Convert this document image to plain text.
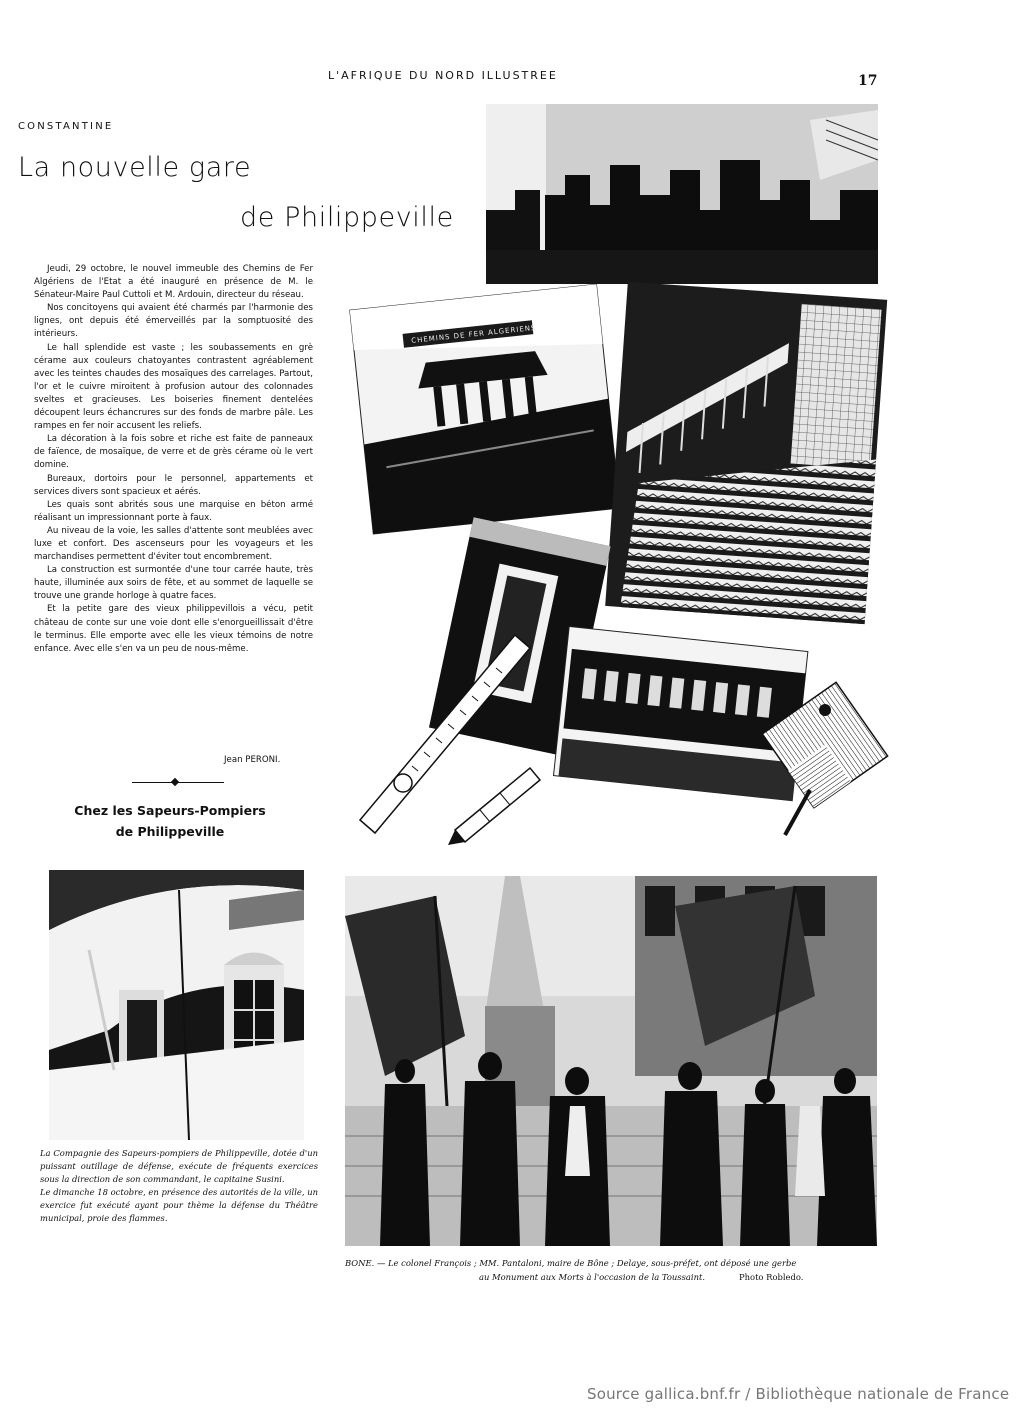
L'AFRIQUE DU NORD ILLUSTREE	17
CONSTANTINE
La nouvelle gare
de Philippeville

Jeudi, 29 octobre, le nouvel immeuble des Chemins de Fer Algériens de l'Etat a été inauguré en présence de M. le Sénateur-Maire Paul Cuttoli et M. Ardouin, directeur du réseau.

Nos concitoyens qui avaient été charmés par l'harmonie des lignes, ont depuis été émerveillés par la somptuosité des intérieurs.

Le hall splendide est vaste ; les soubassements en grè cérame aux couleurs chatoyantes contrastent agréablement avec les teintes chaudes des mosaïques des carrelages. Partout, l'or et le cuivre miroitent à profusion autour des colonnades sveltes et gracieuses. Les boiseries finement dentelées découpent leurs échancrures sur des fonds de marbre pâle. Les rampes en fer noir accusent les reliefs.

La décoration à la fois sobre et riche est faite de panneaux de faïence, de mosaïque, de verre et de grès cérame où le vert domine.

Bureaux, dortoirs pour le personnel, appartements et services divers sont spacieux et aérés.

Les quais sont abrités sous une marquise en béton armé réalisant un impressionnant porte à faux.

Au niveau de la voie, les salles d'attente sont meublées avec luxe et confort. Des ascenseurs pour les voyageurs et les marchandises permettent d'éviter tout encombrement.

La construction est surmontée d'une tour carrée haute, très haute, illuminée aux soirs de fête, et au sommet de laquelle se trouve une grande horloge à quatre faces.

Et la petite gare des vieux philippevillois a vécu, petit château de conte sur une voie dont elle s'enorgueillissait d'être le terminus. Elle emporte avec elle les vieux témoins de notre enfance. Avec elle s'en va un peu de nous-même.

Jean PERONI.
Chez les Sapeurs-Pompiers
de Philippeville
CHEMINS DE FER ALGERIENS

La Compagnie des Sapeurs-pompiers de Philippeville, dotée d'un puissant outillage de défense, exécute de fréquents exercices sous la direction de son commandant, le capitaine Susini.

Le dimanche 18 octobre, en présence des autorités de la ville, un exercice fut exécuté ayant pour thème la défense du Théâtre municipal, proie des flammes.

BONE. — Le colonel François ; MM. Pantaloni, maire de Bône ; Delaye, sous-préfet, ont déposé une gerbe
au Monument aux Morts à l'occasion de la Toussaint.	Photo Robledo.
Source gallica.bnf.fr / Bibliothèque nationale de France
